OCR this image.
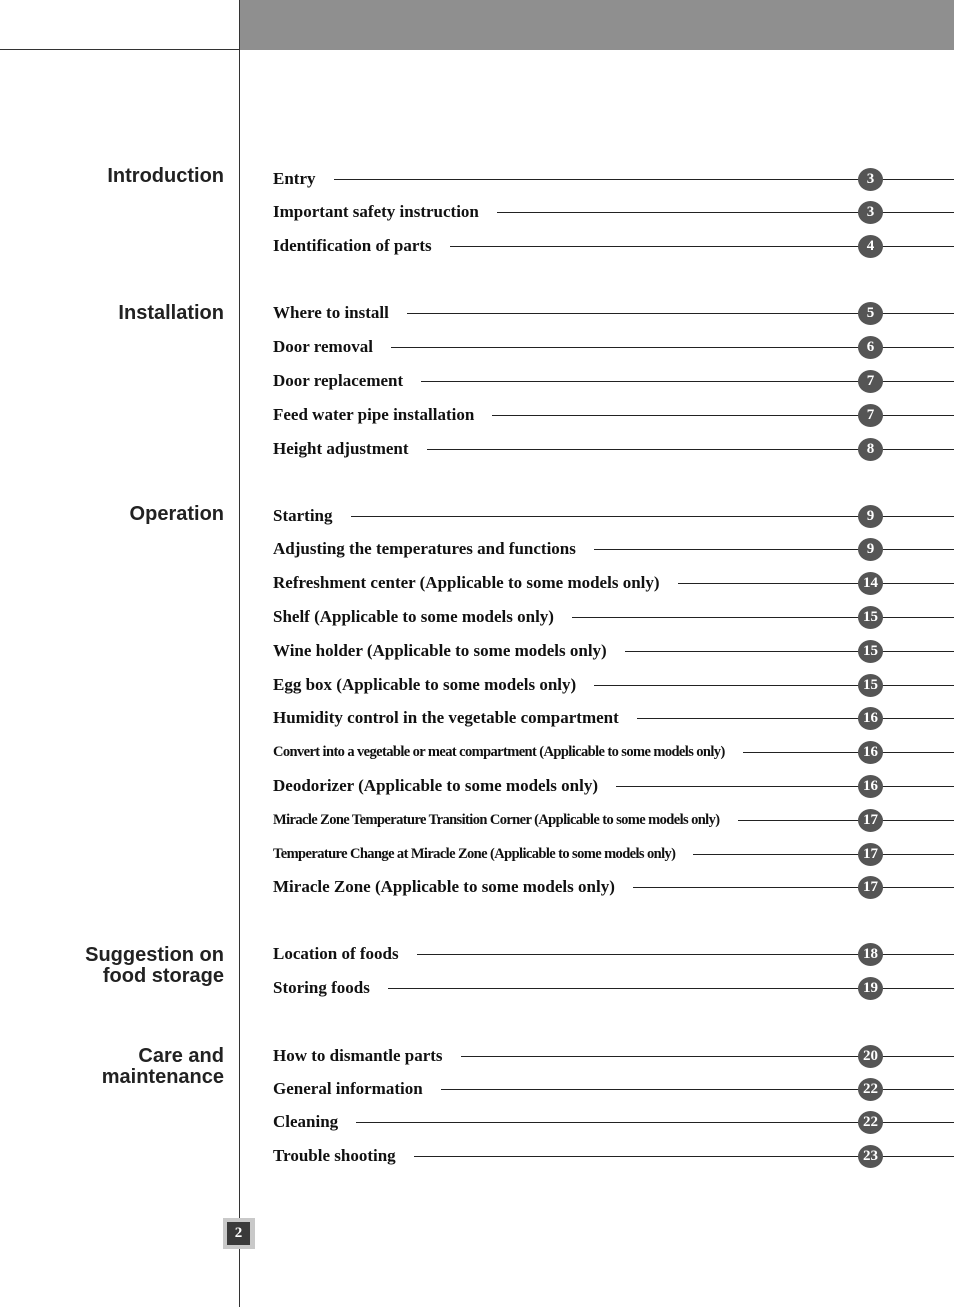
Introduction
Installation
Operation
Suggestion on
food storage
Care and
maintenance
Entry	3
Important safety instruction	3
Identification of parts	4
Where to install	5
Door removal	6
Door replacement	7
Feed water pipe installation	7
Height adjustment	8
Starting	9
Adjusting the temperatures and functions	9
Refreshment center (Applicable to some models only)	14
Shelf (Applicable to some models only)	15
Wine holder (Applicable to some models only)	15
Egg box (Applicable to some models only)	15
Humidity control in the vegetable compartment	16
Convert into a vegetable or meat compartment (Applicable to some models only)	16
Deodorizer (Applicable to some models only)	16
Miracle Zone Temperature Transition Corner (Applicable to some models only)	17
Temperature Change at Miracle Zone (Applicable to some models only)	17
Miracle Zone (Applicable to some models only)	17
Location of foods	18
Storing foods	19
How to dismantle parts	20
General information	22
Cleaning	22
Trouble shooting	23
2
